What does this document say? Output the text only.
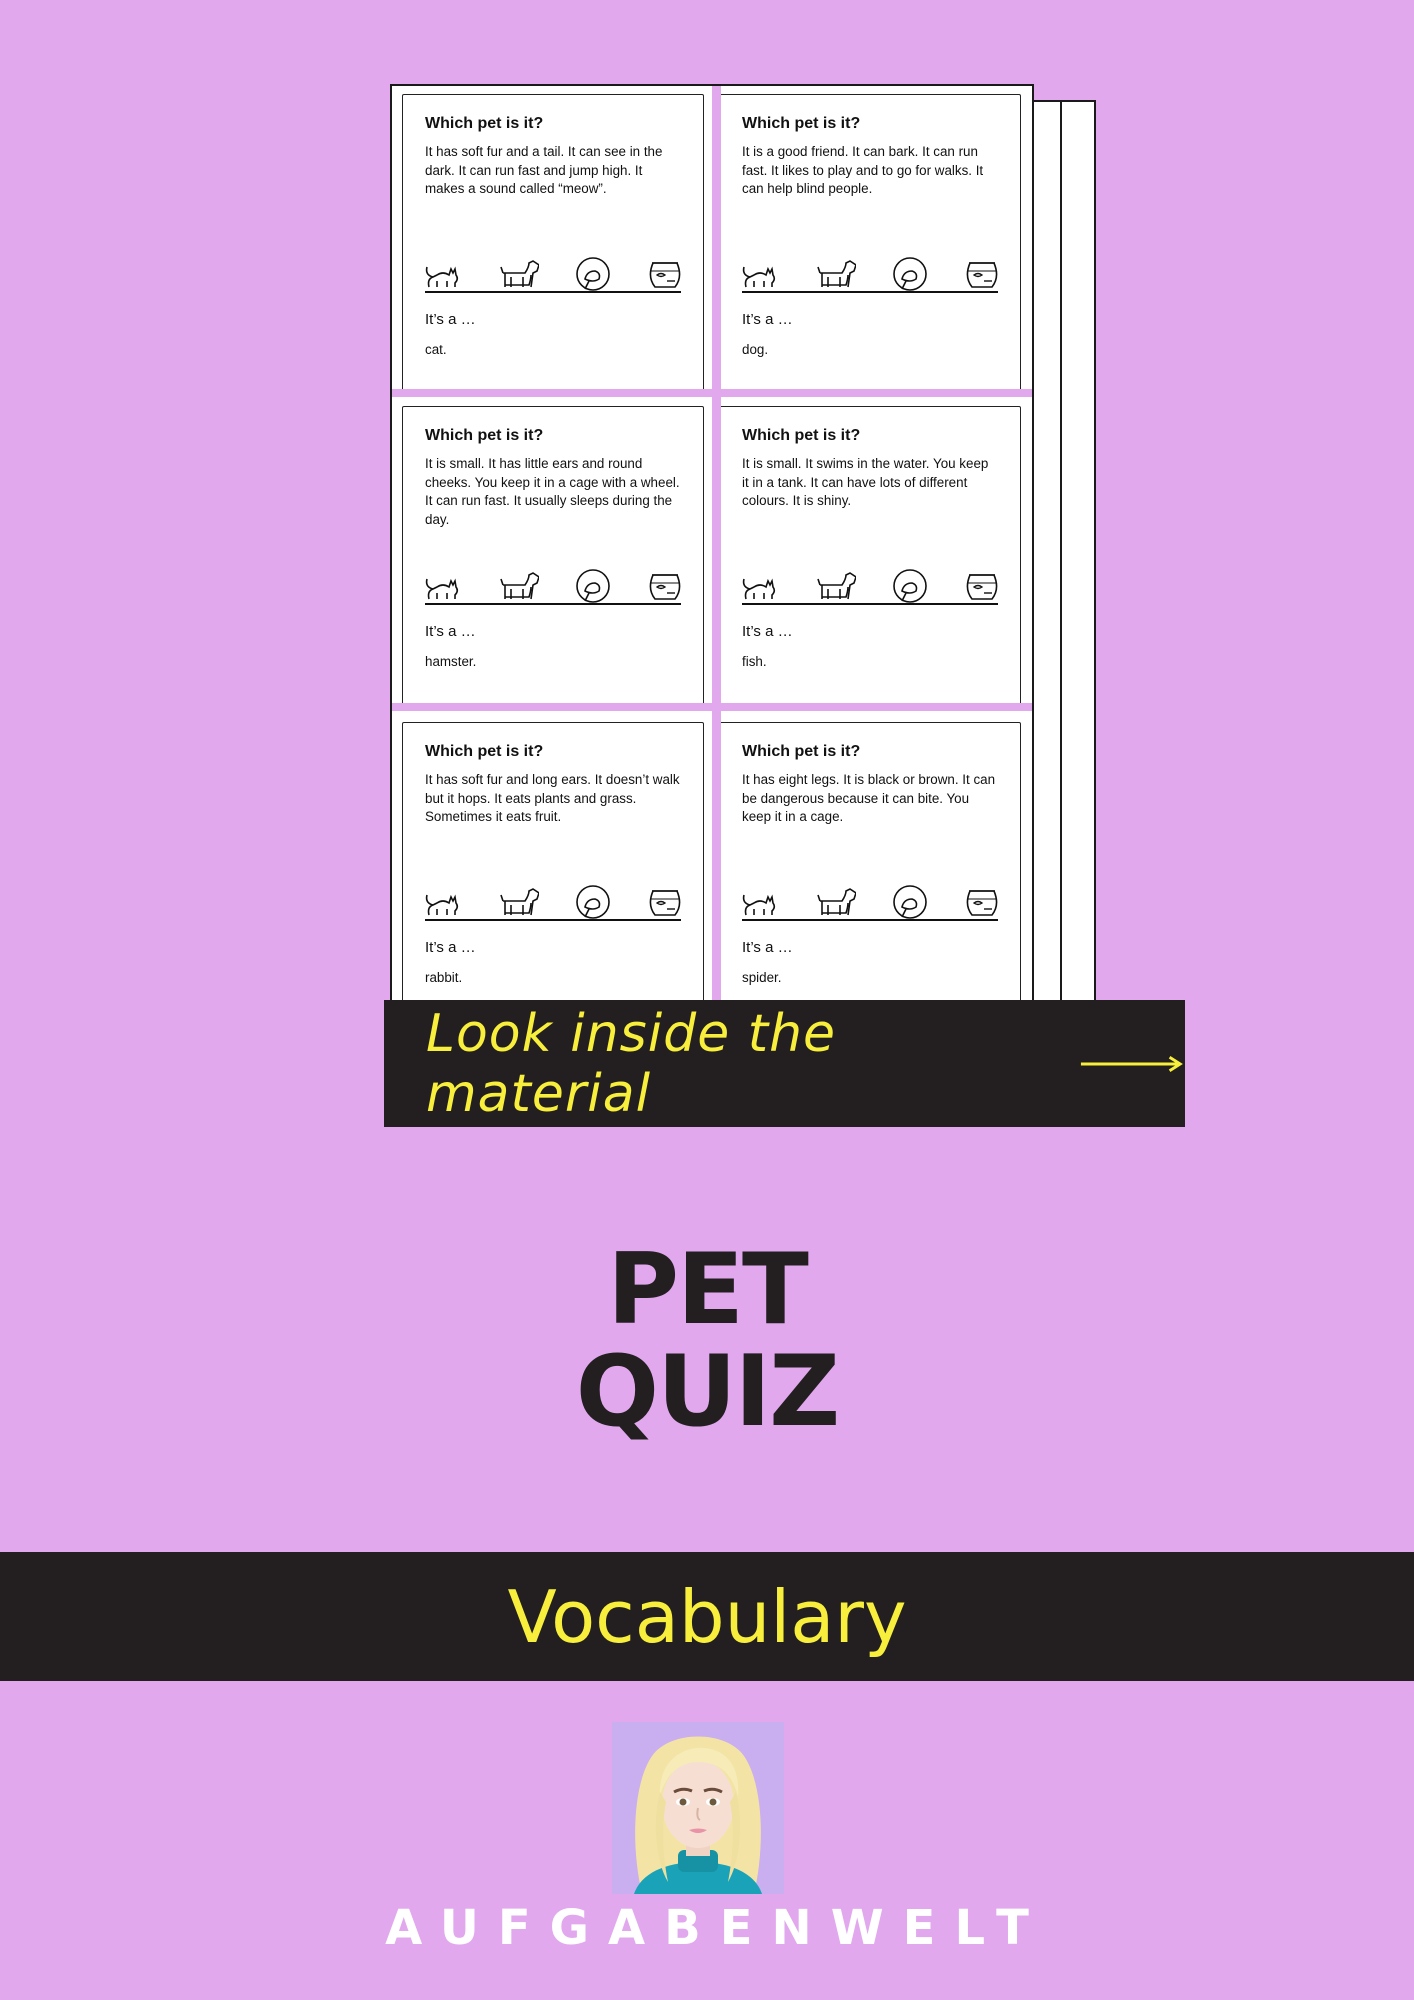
Which pet is it?
It has soft fur and a tail. It can see in the dark. It can run fast and jump high. It makes a sound called “meow”.
It’s a …
cat.
Which pet is it?
It is a good friend. It can bark. It can run fast. It likes to play and to go for walks. It can help blind people.
It’s a …
dog.
Which pet is it?
It is small. It has little ears and round cheeks. You keep it in a cage with a wheel. It can run fast. It usually sleeps during the day.
It’s a …
hamster.
Which pet is it?
It is small. It swims in the water. You keep it in a tank. It can have lots of different colours. It is shiny.
It’s a …
fish.
Which pet is it?
It has soft fur and long ears. It doesn’t walk but it hops. It eats plants and grass. Sometimes it eats fruit.
It’s a …
rabbit.
Which pet is it?
It has eight legs. It is black or brown. It can be dangerous because it can bite. You keep it in a cage.
It’s a …
spider.
Look inside the material
PET
QUIZ
Vocabulary
AUFGABENWELT
